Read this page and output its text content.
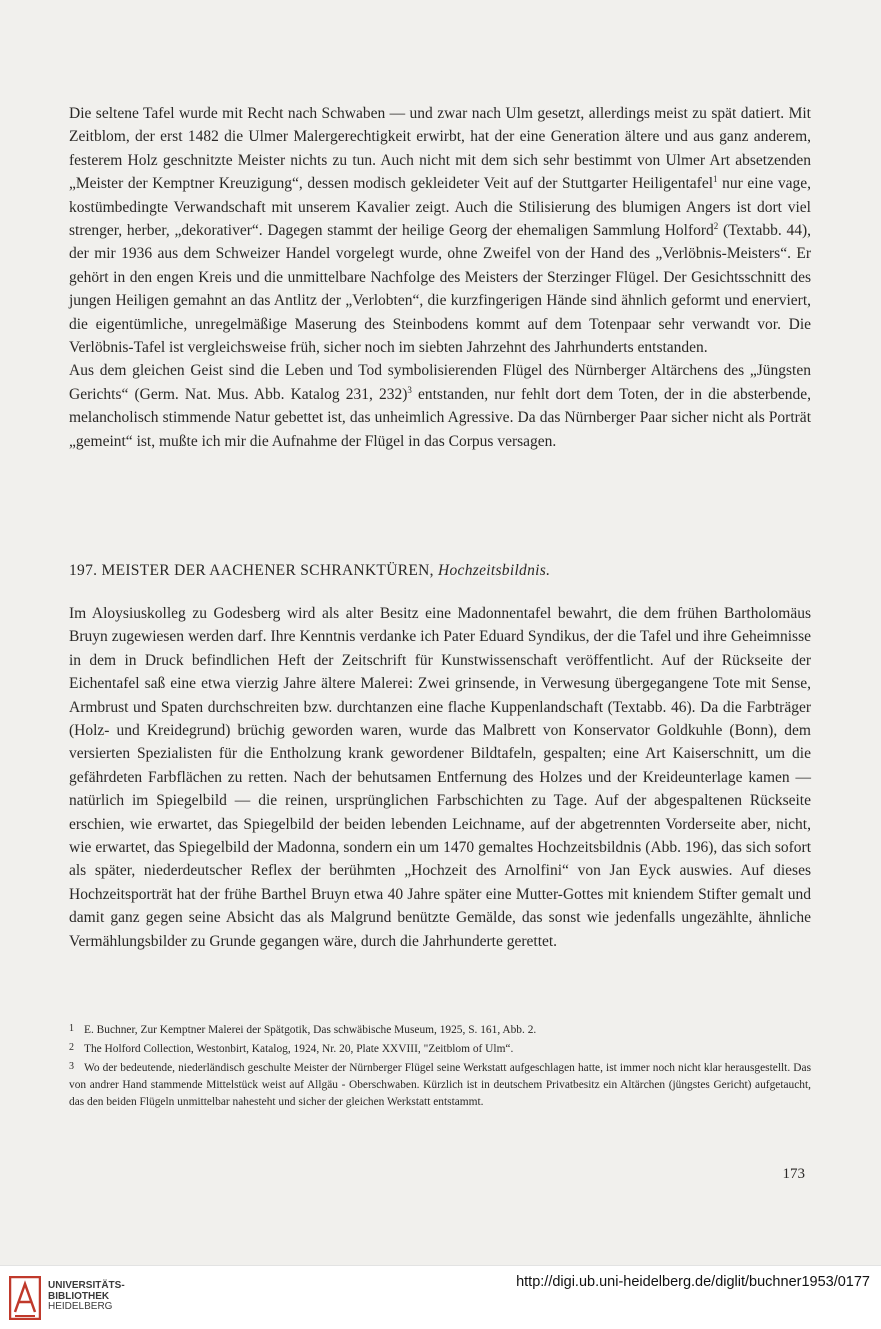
Die seltene Tafel wurde mit Recht nach Schwaben — und zwar nach Ulm gesetzt, allerdings meist zu spät datiert. Mit Zeitblom, der erst 1482 die Ulmer Malergerechtigkeit erwirbt, hat der eine Generation ältere und aus ganz anderem, festerem Holz geschnitzte Meister nichts zu tun. Auch nicht mit dem sich sehr bestimmt von Ulmer Art absetzenden „Meister der Kemptner Kreuzigung“, dessen modisch gekleideter Veit auf der Stuttgarter Heiligentafel$^1$ nur eine vage, kostümbedingte Verwandschaft mit unserem Kavalier zeigt. Auch die Stilisierung des blumigen Angers ist dort viel strenger, herber, „dekorativer“. Dagegen stammt der heilige Georg der ehemaligen Sammlung Holford$^2$ (Textabb. 44), der mir 1936 aus dem Schweizer Handel vorgelegt wurde, ohne Zweifel von der Hand des „Verlöbnis-Meisters“. Er gehört in den engen Kreis und die unmittelbare Nachfolge des Meisters der Sterzinger Flügel. Der Gesichtsschnitt des jungen Heiligen gemahnt an das Antlitz der „Verlobten“, die kurzfingerigen Hände sind ähnlich geformt und enerviert, die eigentümliche, unregelmäßige Maserung des Steinbodens kommt auf dem Totenpaar sehr verwandt vor. Die Verlöbnis-Tafel ist vergleichsweise früh, sicher noch im siebten Jahrzehnt des Jahrhunderts entstanden.

Aus dem gleichen Geist sind die Leben und Tod symbolisierenden Flügel des Nürnberger Altärchens des „Jüngsten Gerichts“ (Germ. Nat. Mus. Abb. Katalog 231, 232)$^3$ entstanden, nur fehlt dort dem Toten, der in die absterbende, melancholisch stimmende Natur gebettet ist, das unheimlich Agressive. Da das Nürnberger Paar sicher nicht als Porträt „gemeint“ ist, mußte ich mir die Aufnahme der Flügel in das Corpus versagen.

197. MEISTER DER AACHENER SCHRANKTÜREN, Hochzeitsbildnis.

Im Aloysiuskolleg zu Godesberg wird als alter Besitz eine Madonnentafel bewahrt, die dem frühen Bartholomäus Bruyn zugewiesen werden darf. Ihre Kenntnis verdanke ich Pater Eduard Syndikus, der die Tafel und ihre Geheimnisse in dem in Druck befindlichen Heft der Zeitschrift für Kunstwissenschaft veröffentlicht. Auf der Rückseite der Eichentafel saß eine etwa vierzig Jahre ältere Malerei: Zwei grinsende, in Verwesung übergegangene Tote mit Sense, Armbrust und Spaten durchschreiten bzw. durchtanzen eine flache Kuppenlandschaft (Textabb. 46). Da die Farbträger (Holz- und Kreidegrund) brüchig geworden waren, wurde das Malbrett von Konservator Goldkuhle (Bonn), dem versierten Spezialisten für die Entholzung krank gewordener Bildtafeln, gespalten; eine Art Kaiserschnitt, um die gefährdeten Farbflächen zu retten. Nach der behutsamen Entfernung des Holzes und der Kreideunterlage kamen — natürlich im Spiegelbild — die reinen, ursprünglichen Farbschichten zu Tage. Auf der abgespaltenen Rückseite erschien, wie erwartet, das Spiegelbild der beiden lebenden Leichname, auf der abgetrennten Vorderseite aber, nicht, wie erwartet, das Spiegelbild der Madonna, sondern ein um 1470 gemaltes Hochzeitsbildnis (Abb. 196), das sich sofort als später, niederdeutscher Reflex der berühmten „Hochzeit des Arnolfini“ von Jan Eyck auswies. Auf dieses Hochzeitsporträt hat der frühe Barthel Bruyn etwa 40 Jahre später eine Mutter-Gottes mit kniendem Stifter gemalt und damit ganz gegen seine Absicht das als Malgrund benützte Gemälde, das sonst wie jedenfalls ungezählte, ähnliche Vermählungsbilder zu Grunde gegangen wäre, durch die Jahrhunderte gerettet.

1 E. Buchner, Zur Kemptner Malerei der Spätgotik, Das schwäbische Museum, 1925, S. 161, Abb. 2.

2 The Holford Collection, Westonbirt, Katalog, 1924, Nr. 20, Plate XXVIII, "Zeitblom of Ulm“.

3 Wo der bedeutende, niederländisch geschulte Meister der Nürnberger Flügel seine Werkstatt aufgeschlagen hatte, ist immer noch nicht klar herausgestellt. Das von andrer Hand stammende Mittelstück weist auf Allgäu - Oberschwaben. Kürzlich ist in deutschem Privatbesitz ein Altärchen (jüngstes Gericht) aufgetaucht, das den beiden Flügeln unmittelbar nahesteht und sicher der gleichen Werkstatt entstammt.

173
UNIVERSITÄTS-
BIBLIOTHEK
HEIDELBERG
http://digi.ub.uni-heidelberg.de/diglit/buchner1953/0177
